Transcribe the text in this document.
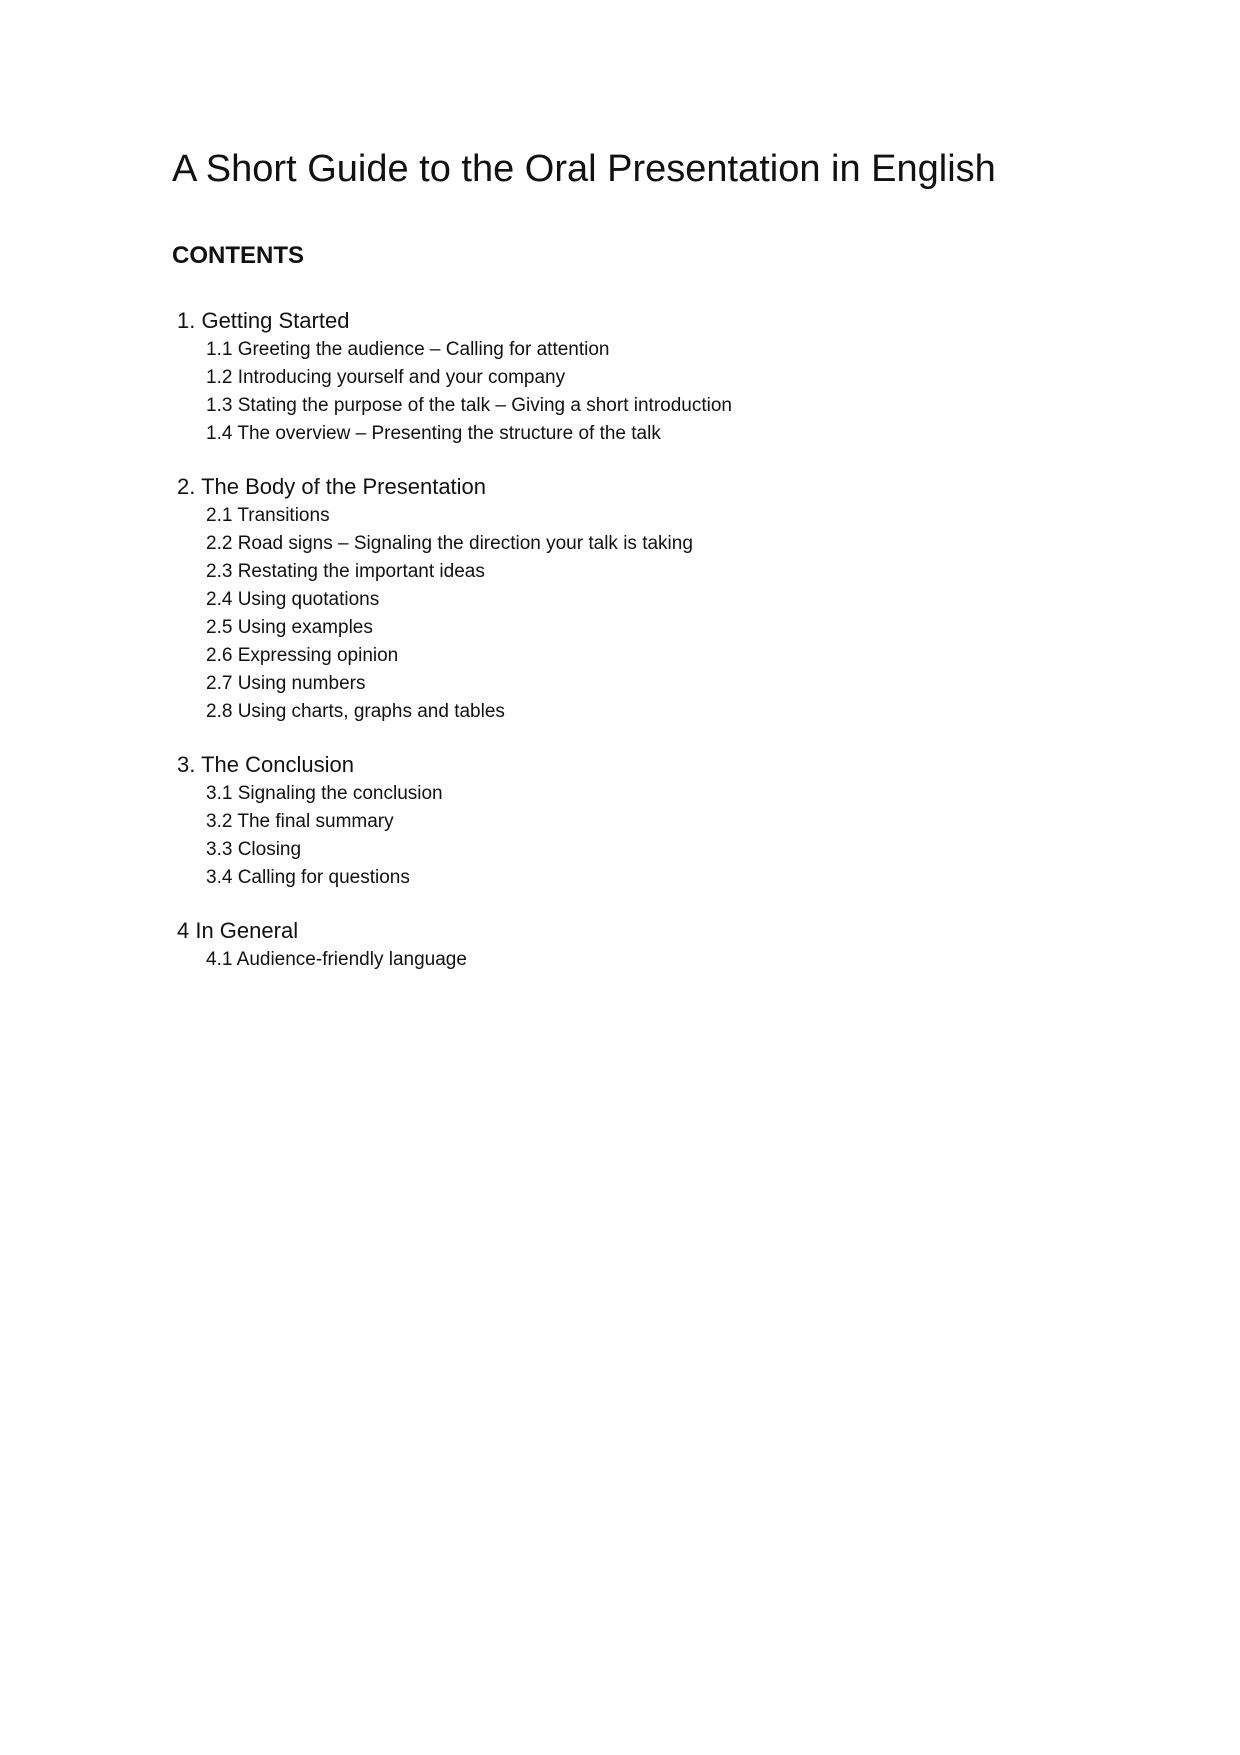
A Short Guide to the Oral Presentation in English
CONTENTS
1. Getting Started
1.1 Greeting the audience – Calling for attention
1.2 Introducing yourself and your company
1.3 Stating the purpose of the talk – Giving a short introduction
1.4 The overview – Presenting the structure of the talk
2. The Body of the Presentation
2.1 Transitions
2.2 Road signs – Signaling the direction your talk is taking
2.3 Restating the important ideas
2.4 Using quotations
2.5 Using examples
2.6 Expressing opinion
2.7 Using numbers
2.8 Using charts, graphs and tables
3. The Conclusion
3.1 Signaling the conclusion
3.2 The final summary
3.3 Closing
3.4 Calling for questions
4 In General
4.1 Audience-friendly language
